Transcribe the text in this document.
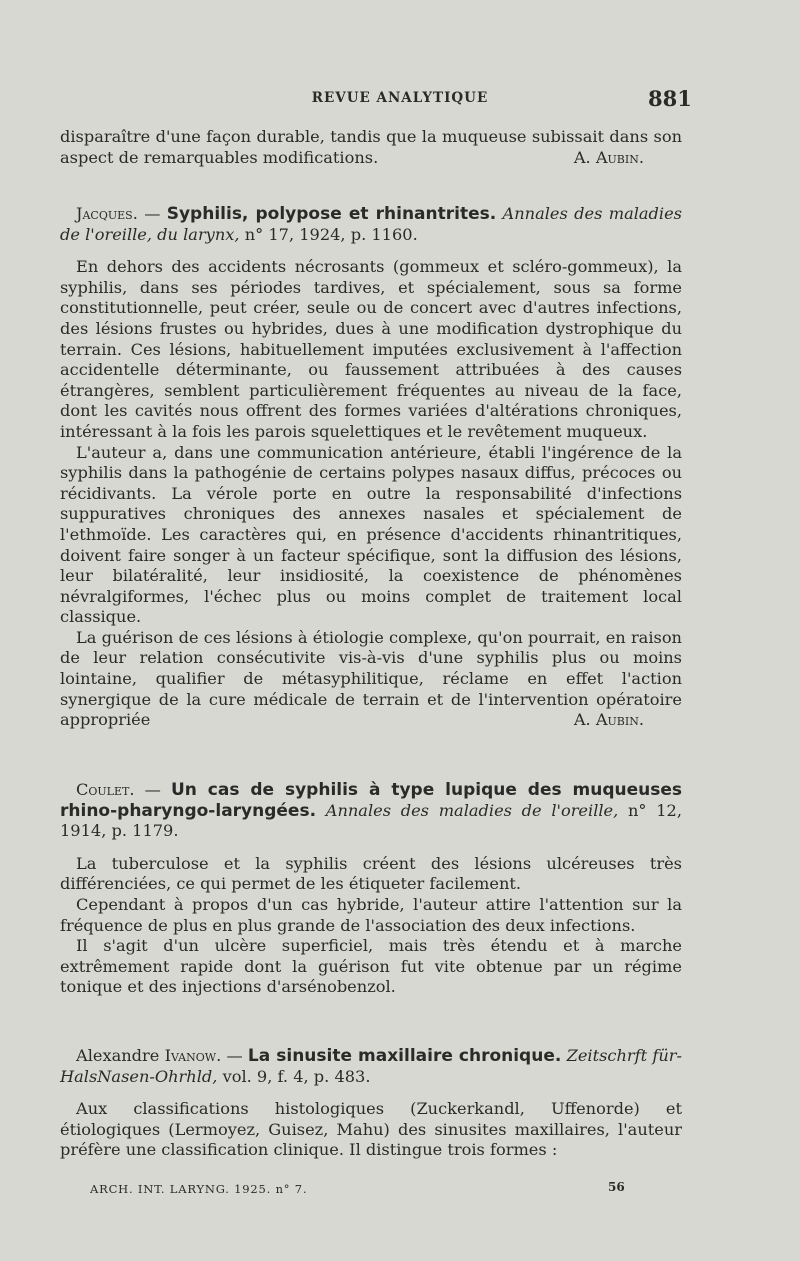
REVUE ANALYTIQUE	881

disparaître d'une façon durable, tandis que la muqueuse subissait dans son aspect de remarquables modifications.	A. Aubin.

Jacques. — Syphilis, polypose et rhinantrites. Annales des maladies de l'oreille, du larynx, n° 17, 1924, p. 1160.

En dehors des accidents nécrosants (gommeux et scléro-gommeux), la syphilis, dans ses périodes tardives, et spécialement, sous sa forme constitutionnelle, peut créer, seule ou de concert avec d'autres infections, des lésions frustes ou hybrides, dues à une modification dystrophique du terrain. Ces lésions, habituellement imputées exclusivement à l'affection accidentelle déterminante, ou faussement attribuées à des causes étrangères, semblent particulièrement fréquentes au niveau de la face, dont les cavités nous offrent des formes variées d'altérations chroniques, intéressant à la fois les parois squelettiques et le revêtement muqueux.

L'auteur a, dans une communication antérieure, établi l'ingérence de la syphilis dans la pathogénie de certains polypes nasaux diffus, précoces ou récidivants. La vérole porte en outre la responsabilité d'infections suppuratives chroniques des annexes nasales et spécialement de l'ethmoïde. Les caractères qui, en présence d'accidents rhinantritiques, doivent faire songer à un facteur spécifique, sont la diffusion des lésions, leur bilatéralité, leur insidiosité, la coexistence de phénomènes névralgiformes, l'échec plus ou moins complet de traitement local classique.

La guérison de ces lésions à étiologie complexe, qu'on pourrait, en raison de leur relation consécutivite vis-à-vis d'une syphilis plus ou moins lointaine, qualifier de métasyphilitique, réclame en effet l'action synergique de la cure médicale de terrain et de l'intervention opératoire appropriée	A. Aubin.

Coulet. — Un cas de syphilis à type lupique des muqueuses rhino-pharyngo-laryngées. Annales des maladies de l'oreille, n° 12, 1914, p. 1179.

La tuberculose et la syphilis créent des lésions ulcéreuses très différenciées, ce qui permet de les étiqueter facilement.

Cependant à propos d'un cas hybride, l'auteur attire l'attention sur la fréquence de plus en plus grande de l'association des deux infections.

Il s'agit d'un ulcère superficiel, mais très étendu et à marche extrêmement rapide dont la guérison fut vite obtenue par un régime tonique et des injections d'arsénobenzol.

Alexandre Ivanow. — La sinusite maxillaire chronique. Zeitschrft für-HalsNasen-Ohrhld, vol. 9, f. 4, p. 483.

Aux classifications histologiques (Zuckerkandl, Uffenorde) et étiologiques (Lermoyez, Guisez, Mahu) des sinusites maxillaires, l'auteur préfère une classification clinique. Il distingue trois formes :

ARCH. INT. LARYNG. 1925. n° 7.	56
